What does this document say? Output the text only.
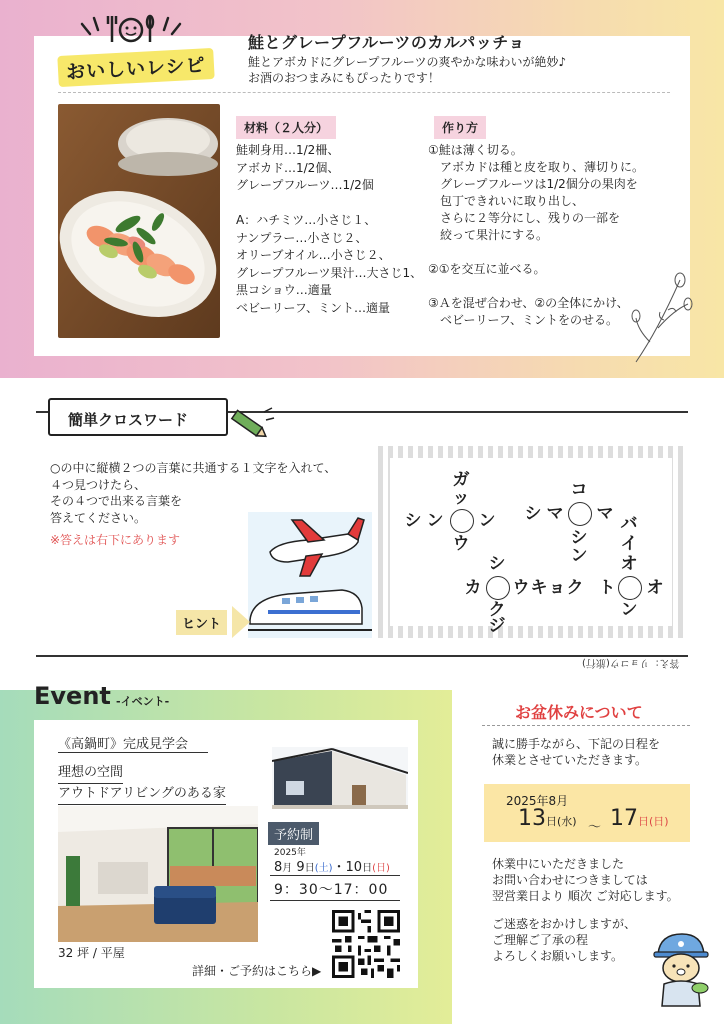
おいしいレシピ
鮭とグレープフルーツのカルパッチョ
鮭とアボカドにグレープフルーツの爽やかな味わいが絶妙♪
お酒のおつまみにもぴったりです！
材料（２人分）
鮭刺身用…1/2柵、
アボカド…1/2個、
グレープフルーツ…1/2個
A：ハチミツ…小さじ１、
ナンプラー…小さじ２、
オリーブオイル…小さじ２、
グレープフルーツ果汁…大さじ1、
黒コショウ…適量
ベビーリーフ、ミント…適量
作り方
①鮭は薄く切る。
　アボカドは種と皮を取り、薄切りに。
　グレープフルーツは1/2個分の果肉を
　包丁できれいに取り出し、
　さらに２等分にし、残りの一部を
　絞って果汁にする。
②①を交互に並べる。
③Ａを混ぜ合わせ、②の全体にかけ、
　ベビーリーフ、ミントをのせる。
簡単クロスワード
○の中に縦横２つの言葉に共通する１文字を入れて、
４つ見つけたら、
その４つで出来る言葉を
答えてください。
※答えは右下にあります
ヒント
ガ
ッ
シ ン ン
ウ
コ
シ マ マ
シ
ン
シ
カ ウ キ ョ ク
ク
ジ
バ
イ
オ
ト オ
ン
答え：リョコウ(旅行)
Event -イベント-
《高鍋町》完成見学会
理想の空間
アウトドアリビングのある家
32 坪 / 平屋
予約制
2025年
8月 9日(土)・10日(日)
9：30〜17：00
詳細・ご予約はこちら▶
お盆休みについて
誠に勝手ながら、下記の日程を
休業とさせていただきます。
2025年8月
13日(水) 〜 17日(日)
休業中にいただきました
お問い合わせにつきましては
翌営業日より 順次 ご対応します。
ご迷惑をおかけしますが、
ご理解ご了承の程
よろしくお願いします。
